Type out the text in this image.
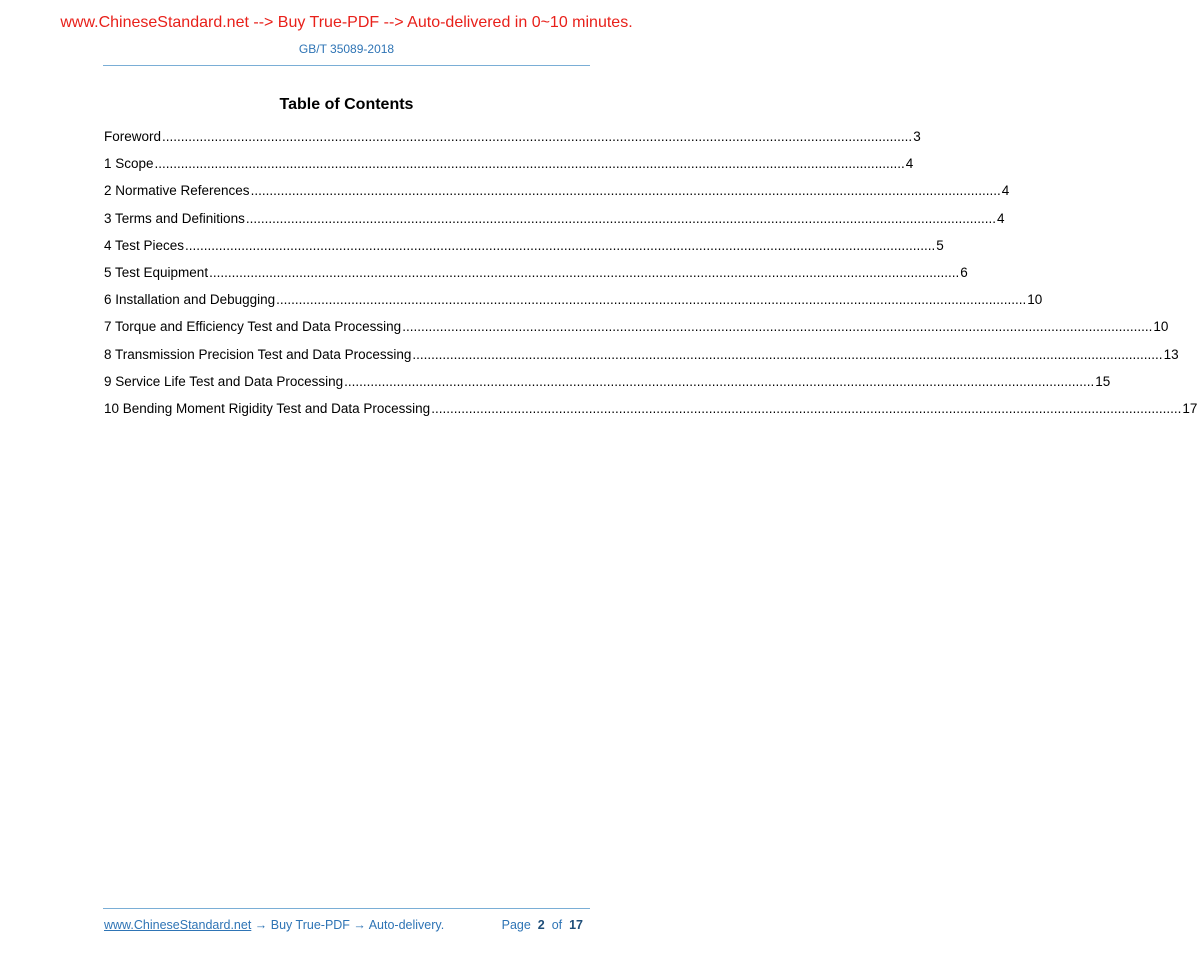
www.ChineseStandard.net --> Buy True-PDF --> Auto-delivered in 0~10 minutes.
GB/T 35089-2018
Table of Contents
Foreword ........................................................................................................................................................................................................ 3
1 Scope ........................................................................................................................................................................................................ 4
2 Normative References ........................................................................................................................................................................................................ 4
3 Terms and Definitions ........................................................................................................................................................................................................ 4
4 Test Pieces ........................................................................................................................................................................................................ 5
5 Test Equipment ........................................................................................................................................................................................................ 6
6 Installation and Debugging ........................................................................................................................................................................................................ 10
7 Torque and Efficiency Test and Data Processing ........................................................................................................................................................................................................ 10
8 Transmission Precision Test and Data Processing ........................................................................................................................................................................................................ 13
9 Service Life Test and Data Processing ........................................................................................................................................................................................................ 15
10 Bending Moment Rigidity Test and Data Processing ........................................................................................................................................................................................................ 17
www.ChineseStandard.net → Buy True-PDF → Auto-delivery.	Page 2 of 17
